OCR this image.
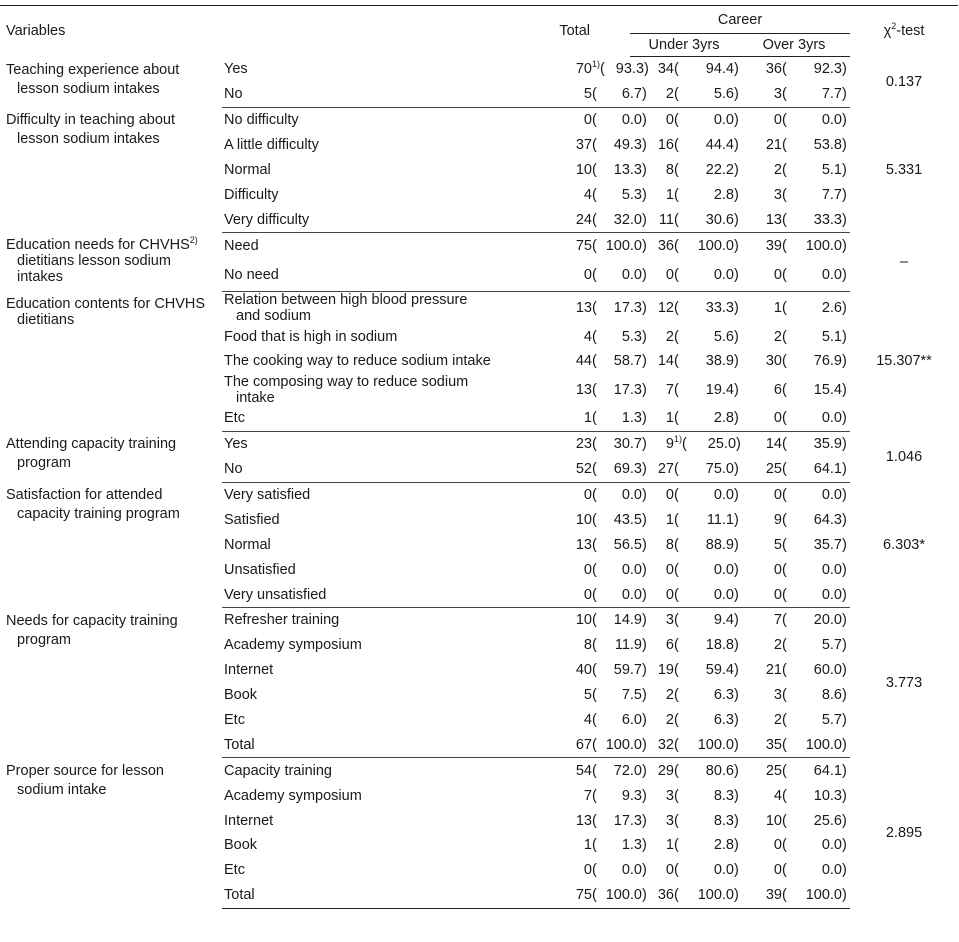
Variables		Total	Career		$\chi^2$-test
			Under 3yrs	Over 3yrs	

Teaching experience about
lesson sodium intakes	Yes	70$^{1)}$( 93.3)	34( 94.4)	36( 92.3)	0.137

	No	5( 6.7)	2( 5.6)	3( 7.7)	

Difficulty in teaching about
lesson sodium intakes	No difficulty	0( 0.0)	0( 0.0)	0( 0.0)	5.331

	A little difficulty	37( 49.3)	16( 44.4)	21( 53.8)	

	Normal	10( 13.3)	8( 22.2)	2( 5.1)	

	Difficulty	4( 5.3)	1( 2.8)	3( 7.7)	

	Very difficulty	24( 32.0)	11( 30.6)	13( 33.3)	

Education needs for CHVHS$^{2)}$
dietitians lesson sodium
intakes	Need	75( 100.0)	36( 100.0)	39( 100.0)	–

	No need	0( 0.0)	0( 0.0)	0( 0.0)	

Education contents for CHVHS
dietitians	Relation between high blood pressure
and sodium	13( 17.3)	12( 33.3)	1( 2.6)	15.307**

	Food that is high in sodium	4( 5.3)	2( 5.6)	2( 5.1)	

	The cooking way to reduce sodium intake	44( 58.7)	14( 38.9)	30( 76.9)	

	The composing way to reduce sodium
intake	13( 17.3)	7( 19.4)	6( 15.4)	

	Etc	1( 1.3)	1( 2.8)	0( 0.0)	

Attending capacity training
program	Yes	23( 30.7)	9$^{1)}$( 25.0)	14( 35.9)	1.046

	No	52( 69.3)	27( 75.0)	25( 64.1)	

Satisfaction for attended
capacity training program	Very satisfied	0( 0.0)	0( 0.0)	0( 0.0)	6.303*

	Satisfied	10( 43.5)	1( 11.1)	9( 64.3)	

	Normal	13( 56.5)	8( 88.9)	5( 35.7)	

	Unsatisfied	0( 0.0)	0( 0.0)	0( 0.0)	

	Very unsatisfied	0( 0.0)	0( 0.0)	0( 0.0)	

Needs for capacity training
program	Refresher training	10( 14.9)	3( 9.4)	7( 20.0)	3.773

	Academy symposium	8( 11.9)	6( 18.8)	2( 5.7)	

	Internet	40( 59.7)	19( 59.4)	21( 60.0)	

	Book	5( 7.5)	2( 6.3)	3( 8.6)	

	Etc	4( 6.0)	2( 6.3)	2( 5.7)	

	Total	67( 100.0)	32( 100.0)	35( 100.0)	

Proper source for lesson
sodium intake	Capacity training	54( 72.0)	29( 80.6)	25( 64.1)	2.895

	Academy symposium	7( 9.3)	3( 8.3)	4( 10.3)	

	Internet	13( 17.3)	3( 8.3)	10( 25.6)	

	Book	1( 1.3)	1( 2.8)	0( 0.0)	

	Etc	0( 0.0)	0( 0.0)	0( 0.0)	

	Total	75( 100.0)	36( 100.0)	39( 100.0)	
